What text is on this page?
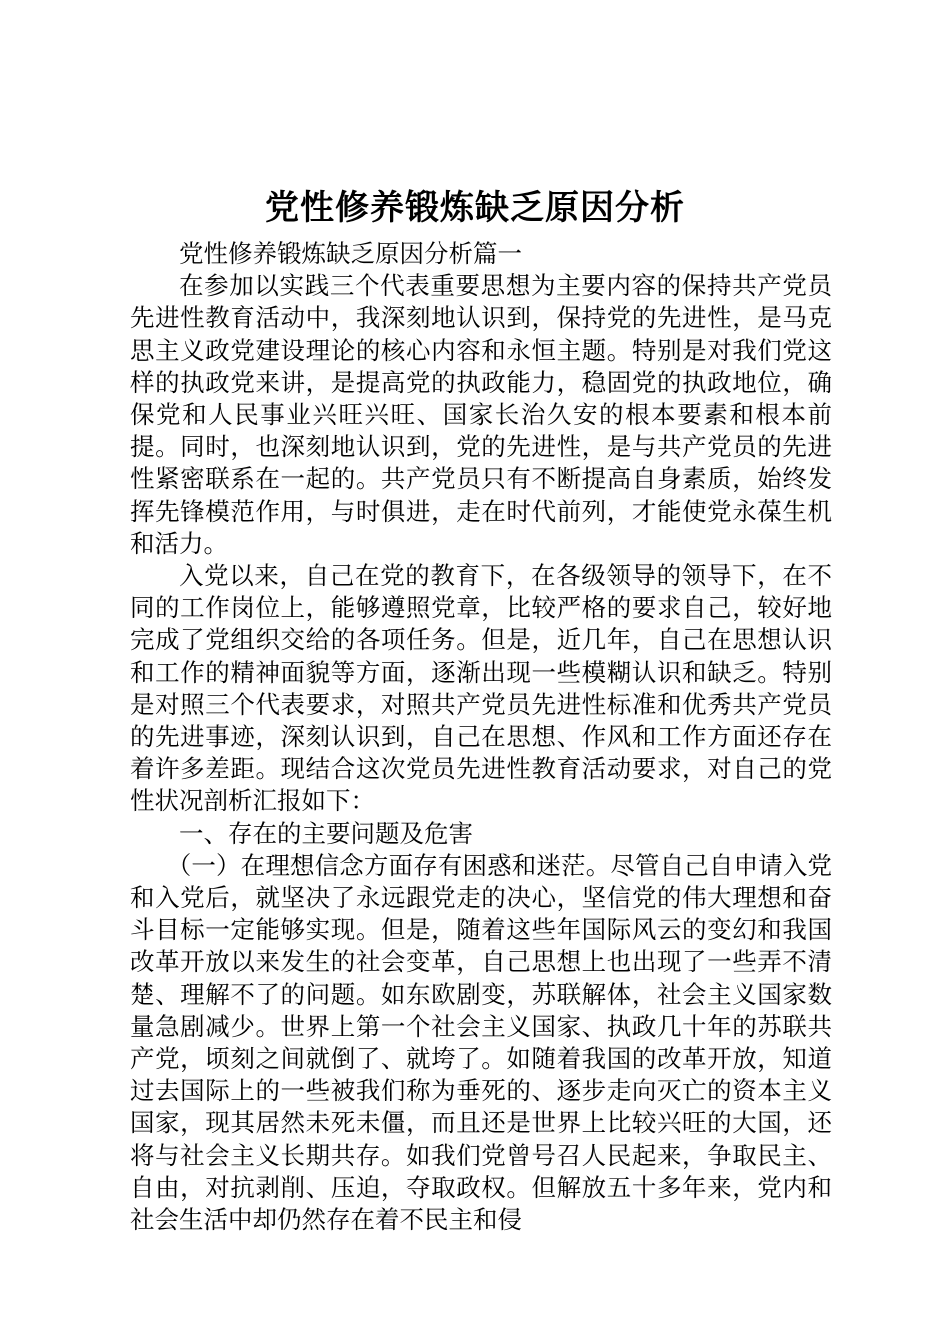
党性修养锻炼缺乏原因分析

党性修养锻炼缺乏原因分析篇一

在参加以实践三个代表重要思想为主要内容的保持共产党员先进性教育活动中，我深刻地认识到，保持党的先进性，是马克思主义政党建设理论的核心内容和永恒主题。特别是对我们党这样的执政党来讲，是提高党的执政能力，稳固党的执政地位，确保党和人民事业兴旺兴旺、国家长治久安的根本要素和根本前提。同时，也深刻地认识到，党的先进性，是与共产党员的先进性紧密联系在一起的。共产党员只有不断提高自身素质，始终发挥先锋模范作用，与时俱进，走在时代前列，才能使党永葆生机和活力。

入党以来，自己在党的教育下，在各级领导的领导下，在不同的工作岗位上，能够遵照党章，比较严格的要求自己，较好地完成了党组织交给的各项任务。但是，近几年，自己在思想认识和工作的精神面貌等方面，逐渐出现一些模糊认识和缺乏。特别是对照三个代表要求，对照共产党员先进性标准和优秀共产党员的先进事迹，深刻认识到，自己在思想、作风和工作方面还存在着许多差距。现结合这次党员先进性教育活动要求，对自己的党性状况剖析汇报如下：

一、存在的主要问题及危害

（一）在理想信念方面存有困惑和迷茫。尽管自己自申请入党和入党后，就坚决了永远跟党走的决心，坚信党的伟大理想和奋斗目标一定能够实现。但是，随着这些年国际风云的变幻和我国改革开放以来发生的社会变革，自己思想上也出现了一些弄不清楚、理解不了的问题。如东欧剧变，苏联解体，社会主义国家数量急剧减少。世界上第一个社会主义国家、执政几十年的苏联共产党，顷刻之间就倒了、就垮了。如随着我国的改革开放，知道过去国际上的一些被我们称为垂死的、逐步走向灭亡的资本主义国家，现其居然未死未僵，而且还是世界上比较兴旺的大国，还将与社会主义长期共存。如我们党曾号召人民起来，争取民主、自由，对抗剥削、压迫，夺取政权。但解放五十多年来，党内和社会生活中却仍然存在着不民主和侵
